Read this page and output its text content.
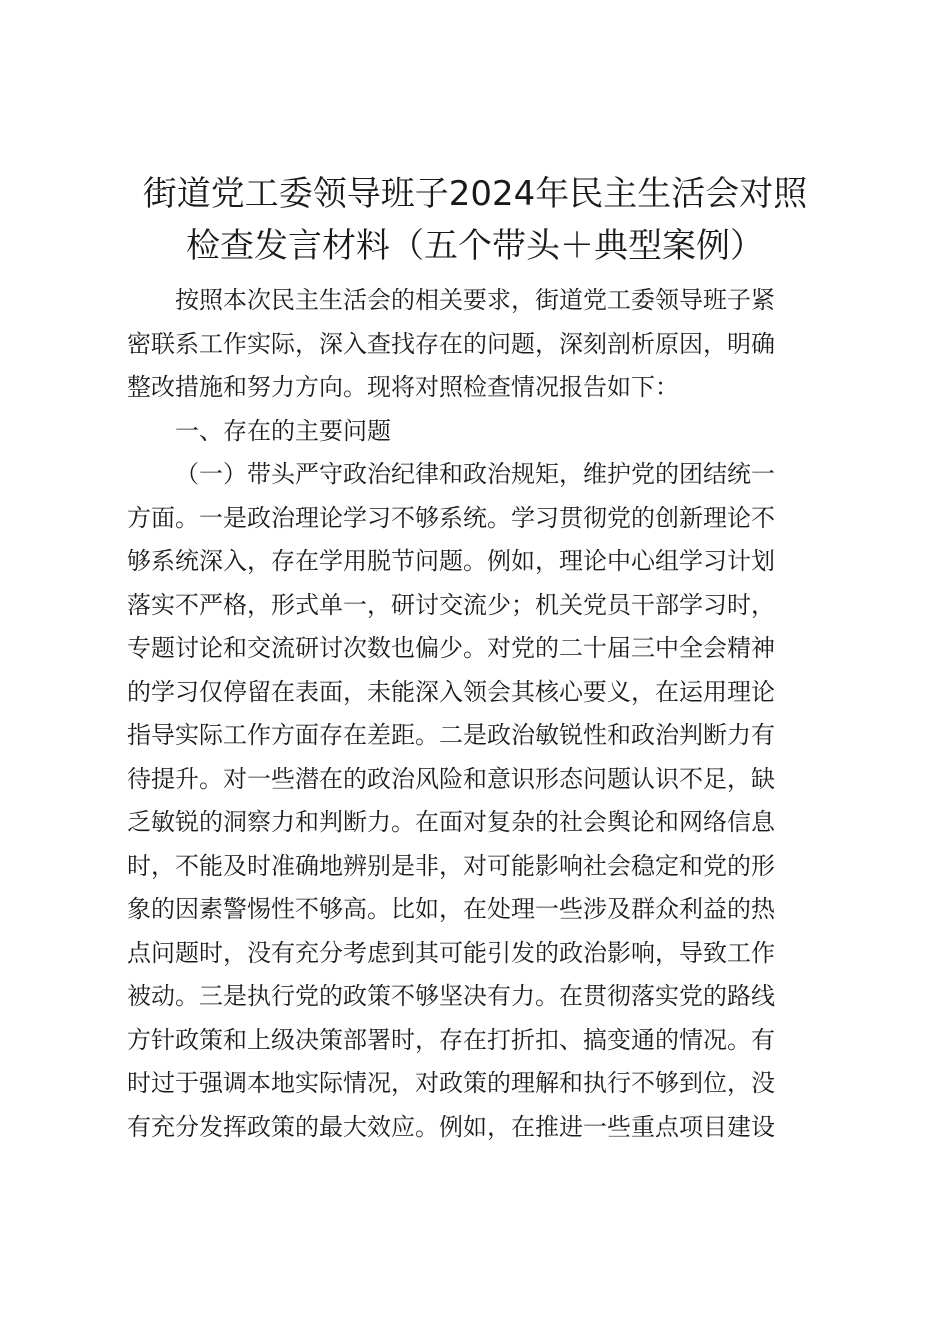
街道党工委领导班子2024年民主生活会对照
检查发言材料（五个带头＋典型案例）

按照本次民主生活会的相关要求，街道党工委领导班子紧
密联系工作实际，深入查找存在的问题，深刻剖析原因，明确
整改措施和努力方向。现将对照检查情况报告如下：

一、存在的主要问题

（一）带头严守政治纪律和政治规矩，维护党的团结统一
方面。一是政治理论学习不够系统。学习贯彻党的创新理论不
够系统深入，存在学用脱节问题。例如，理论中心组学习计划
落实不严格，形式单一，研讨交流少；机关党员干部学习时，
专题讨论和交流研讨次数也偏少。对党的二十届三中全会精神
的学习仅停留在表面，未能深入领会其核心要义，在运用理论
指导实际工作方面存在差距。二是政治敏锐性和政治判断力有
待提升。对一些潜在的政治风险和意识形态问题认识不足，缺
乏敏锐的洞察力和判断力。在面对复杂的社会舆论和网络信息
时，不能及时准确地辨别是非，对可能影响社会稳定和党的形
象的因素警惕性不够高。比如，在处理一些涉及群众利益的热
点问题时，没有充分考虑到其可能引发的政治影响，导致工作
被动。三是执行党的政策不够坚决有力。在贯彻落实党的路线
方针政策和上级决策部署时，存在打折扣、搞变通的情况。有
时过于强调本地实际情况，对政策的理解和执行不够到位，没
有充分发挥政策的最大效应。例如，在推进一些重点项目建设
